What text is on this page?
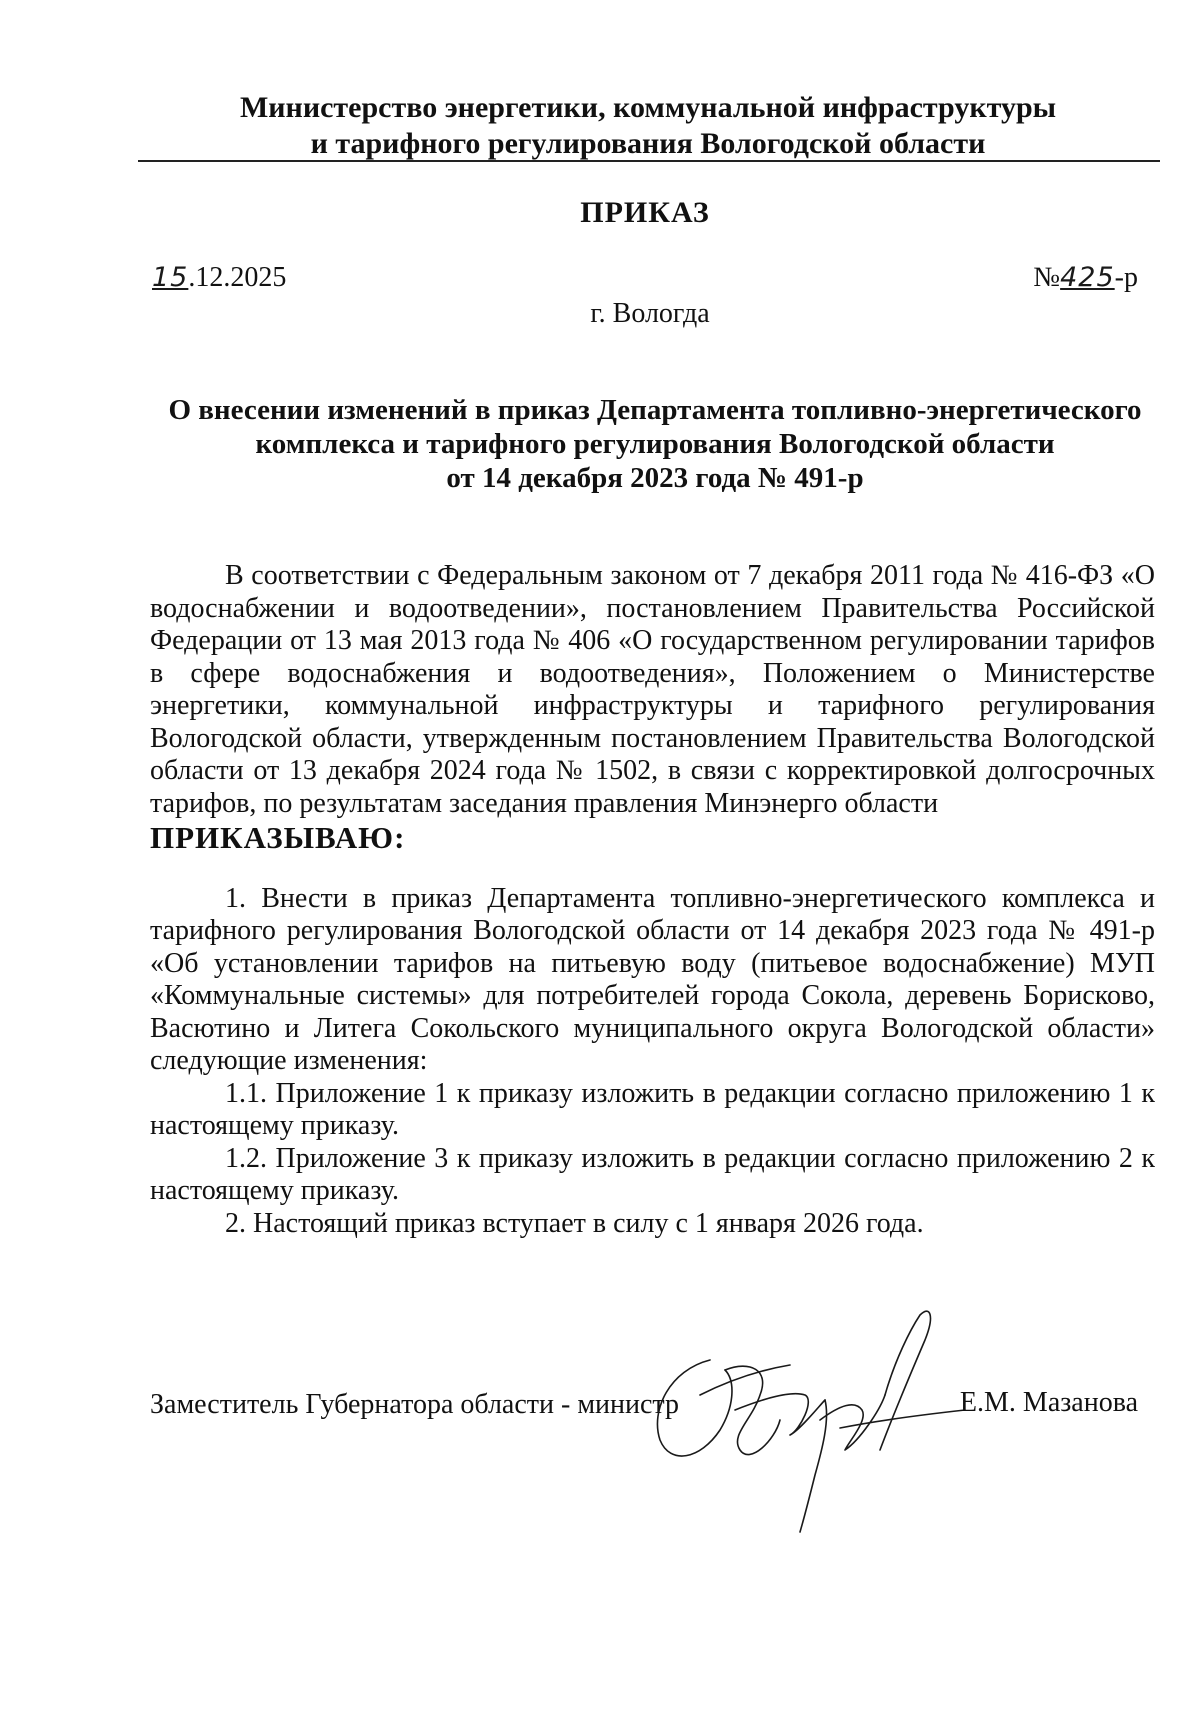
Министерство энергетики, коммунальной инфраструктуры
и тарифного регулирования Вологодской области
ПРИКАЗ
15.12.2025	№425-р
г. Вологда
О внесении изменений в приказ Департамента топливно-энергетического
комплекса и тарифного регулирования Вологодской области
от 14 декабря 2023 года № 491-р

В соответствии с Федеральным законом от 7 декабря 2011 года № 416-ФЗ «О водоснабжении и водоотведении», постановлением Правительства Российской Федерации от 13 мая 2013 года № 406 «О государственном регулировании тарифов в сфере водоснабжения и водоотведения», Положением о Министерстве энергетики, коммунальной инфраструктуры и тарифного регулирования Вологодской области, утвержденным постановлением Правительства Вологодской области от 13 декабря 2024 года № 1502, в связи с корректировкой долгосрочных тарифов, по результатам заседания правления Минэнерго области

ПРИКАЗЫВАЮ:

1. Внести в приказ Департамента топливно-энергетического комплекса и тарифного регулирования Вологодской области от 14 декабря 2023 года № 491-р «Об установлении тарифов на питьевую воду (питьевое водоснабжение) МУП «Коммунальные системы» для потребителей города Сокола, деревень Борисково, Васютино и Литега Сокольского муниципального округа Вологодской области» следующие изменения:

1.1. Приложение 1 к приказу изложить в редакции согласно приложению 1 к настоящему приказу.

1.2. Приложение 3 к приказу изложить в редакции согласно приложению 2 к настоящему приказу.

2. Настоящий приказ вступает в силу с 1 января 2026 года.

Заместитель Губернатора области - министр	Е.М. Мазанова
